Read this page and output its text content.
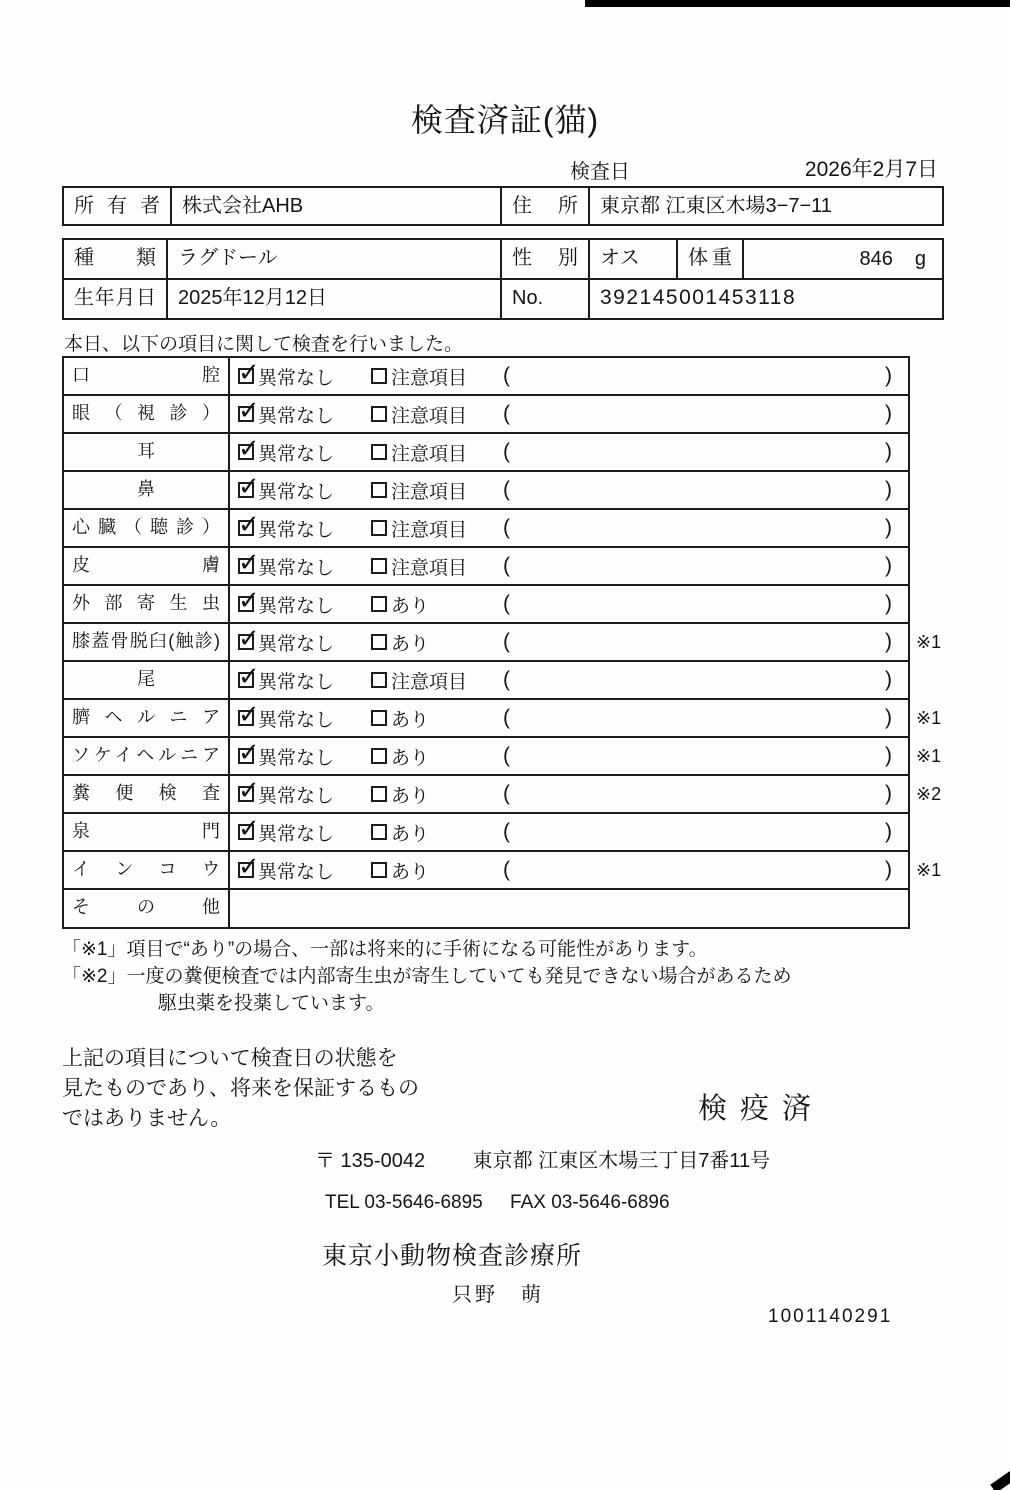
検査済証(猫)
検査日	2026年2月7日
所有者	株式会社AHB	住所	東京都 江東区木場3−7−11
種類	ラグドール	性別	オス	体重	846 g
生年月日	2025年12月12日	No.	392145001453118
本日、以下の項目に関して検査を行いました。
口腔 ✓	異常なし	注意項目 (	)
眼（視診） ✓	異常なし	注意項目 (	)
耳 ✓	異常なし	注意項目 (	)
鼻 ✓	異常なし	注意項目 (	)
心臓（聴診） ✓	異常なし	注意項目 (	)
皮膚 ✓	異常なし	注意項目 (	)
外部寄生虫 ✓	異常なし	あり	(	)
膝蓋骨脱臼(触診) ✓	異常なし	あり	(	) ※1
尾 ✓	異常なし	注意項目 (	)
臍ヘルニア ✓	異常なし	あり	(	) ※1
ソケイヘルニア ✓	異常なし	あり	(	) ※1
糞便検査 ✓	異常なし	あり	(	) ※2
泉門 ✓	異常なし	あり	(	)
インコウ ✓	異常なし	あり	(	) ※1
その他
「※1」項目で“あり”の場合、一部は将来的に手術になる可能性があります。
「※2」一度の糞便検査では内部寄生虫が寄生していても発見できない場合があるため
駆虫薬を投薬しています。
上記の項目について検査日の状態を
見たものであり、将来を保証するもの
ではありません。	検疫済
〒 135-0042 東京都 江東区木場三丁目7番11号
TEL 03-5646-6895 FAX 03-5646-6896
東京小動物検査診療所
只野　萌
1001140291
